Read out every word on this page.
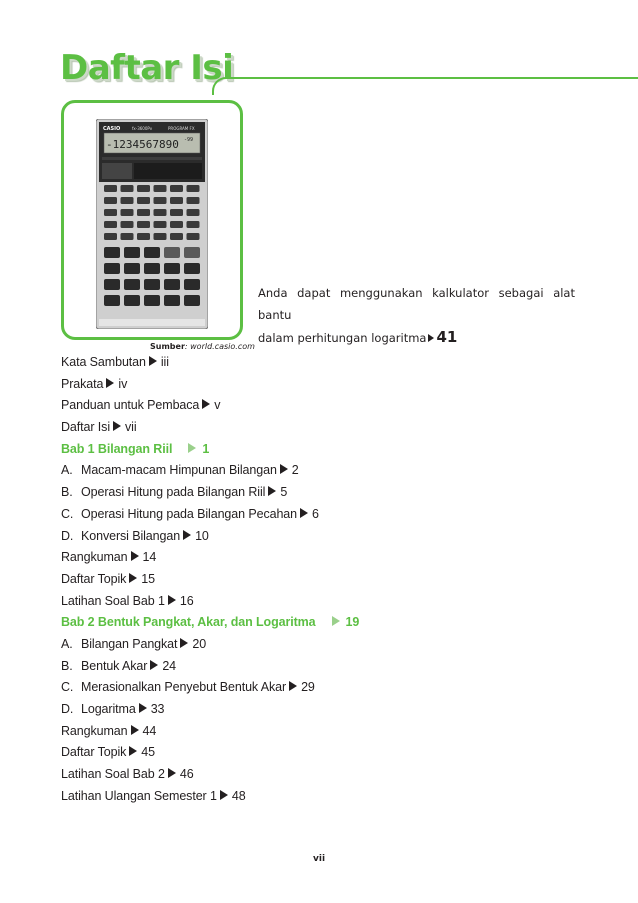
Daftar Isi
CASIO	fx-3600Pv	PROGRAM FX
-1234567890 -99
Sumber: world.casio.com
Anda dapat menggunakan kalkulator sebagai alat bantu
dalam perhitungan logaritma 41
Kata Sambutan iii
Prakata iv
Panduan untuk Pembaca v
Daftar Isi vii
Bab 1 Bilangan Riil 1
A. Macam-macam Himpunan Bilangan 2
B. Operasi Hitung pada Bilangan Riil 5
C. Operasi Hitung pada Bilangan Pecahan 6
D. Konversi Bilangan 10
Rangkuman 14
Daftar Topik 15
Latihan Soal Bab 1 16
Bab 2 Bentuk Pangkat, Akar, dan Logaritma 19
A. Bilangan Pangkat 20
B. Bentuk Akar 24
C. Merasionalkan Penyebut Bentuk Akar 29
D. Logaritma 33
Rangkuman 44
Daftar Topik 45
Latihan Soal Bab 2 46
Latihan Ulangan Semester 1 48
vii
